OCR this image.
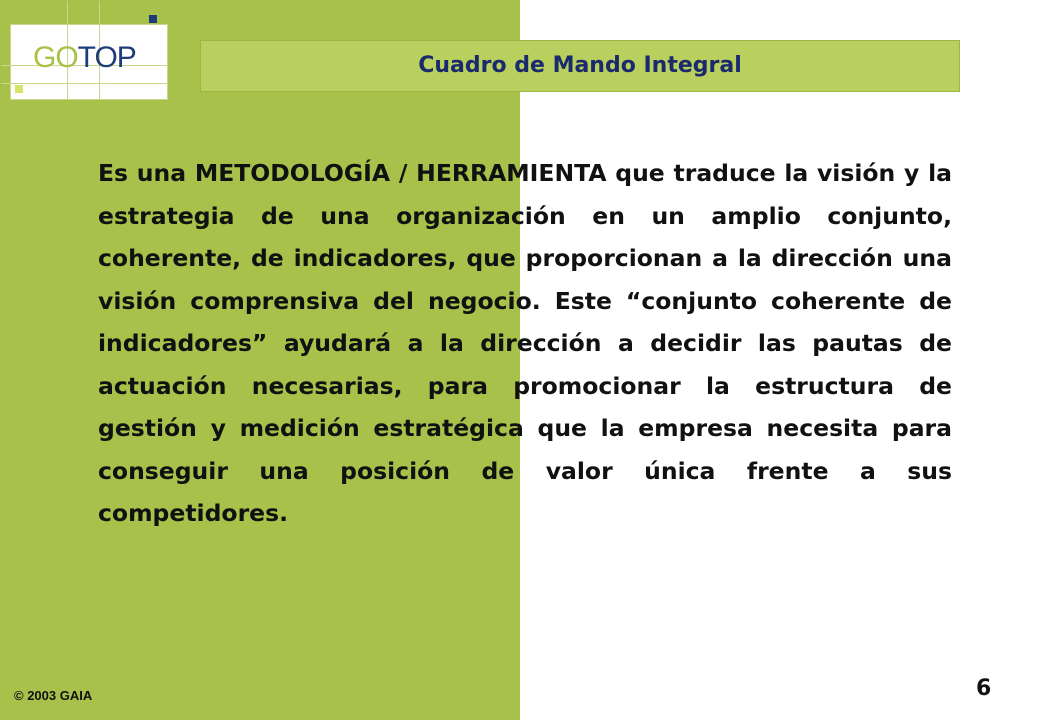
GOTOP	Cuadro de Mando Integral

Es una METODOLOGÍA / HERRAMIENTA que traduce la visión y la estrategia de una organización en un amplio conjunto, coherente, de indicadores, que proporcionan a la dirección una visión comprensiva del negocio. Este “conjunto coherente de indicadores” ayudará a la dirección a decidir las pautas de actuación necesarias, para promocionar la estructura de gestión y medición estratégica que la empresa necesita para conseguir una posición de valor única frente a sus competidores.

© 2003 GAIA	6
